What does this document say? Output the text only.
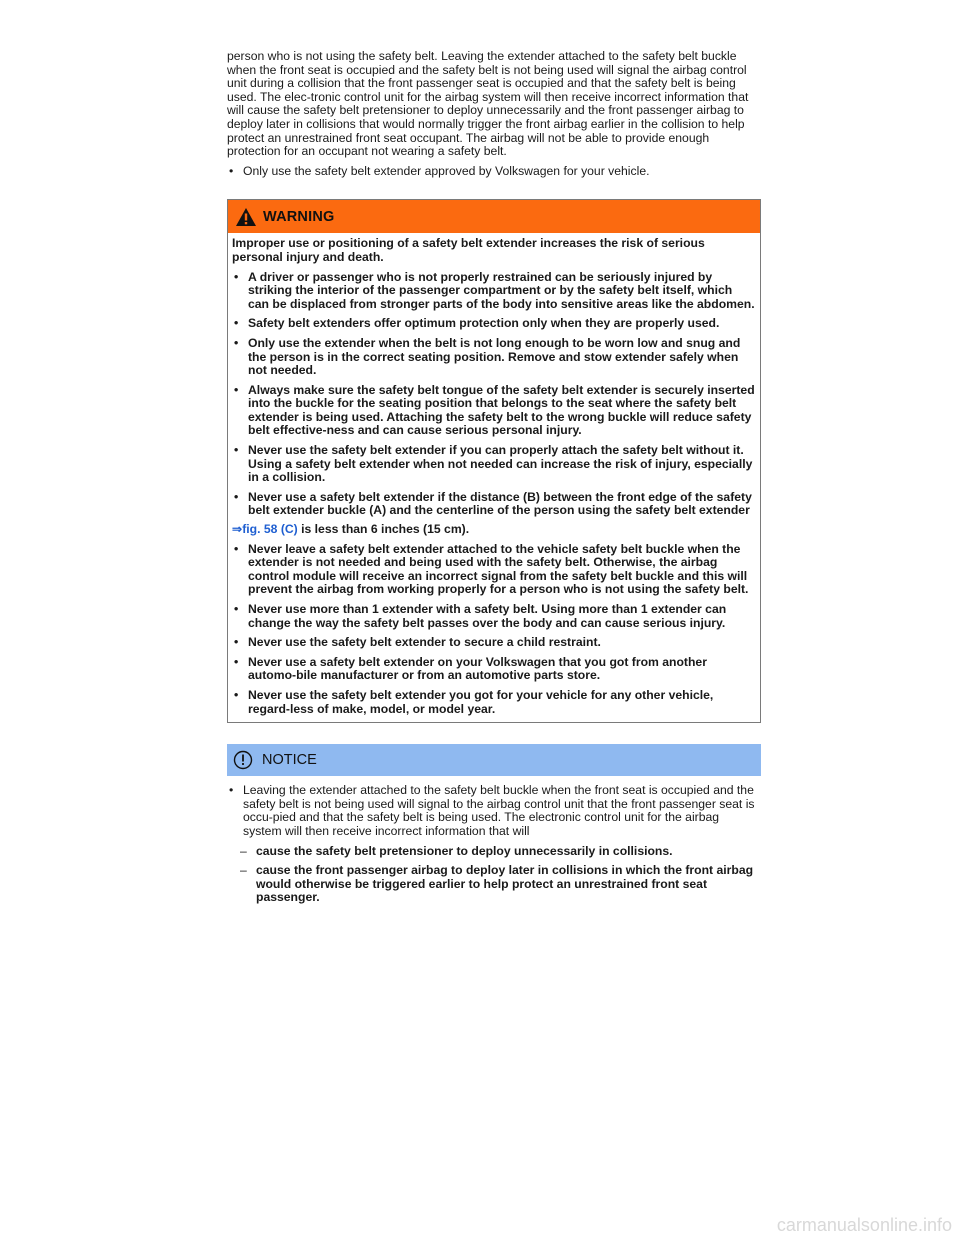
person who is not using the safety belt. Leaving the extender attached to the safety belt buckle when the front seat is occupied and the safety belt is not being used will signal the airbag control unit during a collision that the front passenger seat is occupied and that the safety belt is being used. The elec-tronic control unit for the airbag system will then receive incorrect information that will cause the safety belt pretensioner to deploy unnecessarily and the front passenger airbag to deploy later in collisions that would normally trigger the front airbag earlier in the collision to help protect an unrestrained front seat occupant. The airbag will not be able to provide enough protection for an occupant not wearing a safety belt.

• Only use the safety belt extender approved by Volkswagen for your vehicle.
WARNING

Improper use or positioning of a safety belt extender increases the risk of serious personal injury and death.

• A driver or passenger who is not properly restrained can be seriously injured by striking the interior of the passenger compartment or by the safety belt itself, which can be displaced from stronger parts of the body into sensitive areas like the abdomen.
• Safety belt extenders offer optimum protection only when they are properly used.
• Only use the extender when the belt is not long enough to be worn low and snug and the person is in the correct seating position. Remove and stow extender safely when not needed.
• Always make sure the safety belt tongue of the safety belt extender is securely inserted into the buckle for the seating position that belongs to the seat where the safety belt extender is being used. Attaching the safety belt to the wrong buckle will reduce safety belt effective-ness and can cause serious personal injury.
• Never use the safety belt extender if you can properly attach the safety belt without it. Using a safety belt extender when not needed can increase the risk of injury, especially in a collision.
• Never use a safety belt extender if the distance (B) between the front edge of the safety belt extender buckle (A) and the centerline of the person using the safety belt extender

⇒fig. 58 (C) is less than 6 inches (15 cm).

• Never leave a safety belt extender attached to the vehicle safety belt buckle when the extender is not needed and being used with the safety belt. Otherwise, the airbag control module will receive an incorrect signal from the safety belt buckle and this will prevent the airbag from working properly for a person who is not using the safety belt.
• Never use more than 1 extender with a safety belt. Using more than 1 extender can change the way the safety belt passes over the body and can cause serious injury.
• Never use the safety belt extender to secure a child restraint.
• Never use a safety belt extender on your Volkswagen that you got from another automo-bile manufacturer or from an automotive parts store.
• Never use the safety belt extender you got for your vehicle for any other vehicle, regard-less of make, model, or model year.
NOTICE
• Leaving the extender attached to the safety belt buckle when the front seat is occupied and the safety belt is not being used will signal to the airbag control unit that the front passenger seat is occu-pied and that the safety belt is being used. The electronic control unit for the airbag system will then receive incorrect information that will
– cause the safety belt pretensioner to deploy unnecessarily in collisions.
– cause the front passenger airbag to deploy later in collisions in which the front airbag would otherwise be triggered earlier to help protect an unrestrained front seat passenger.
carmanualsonline.info
